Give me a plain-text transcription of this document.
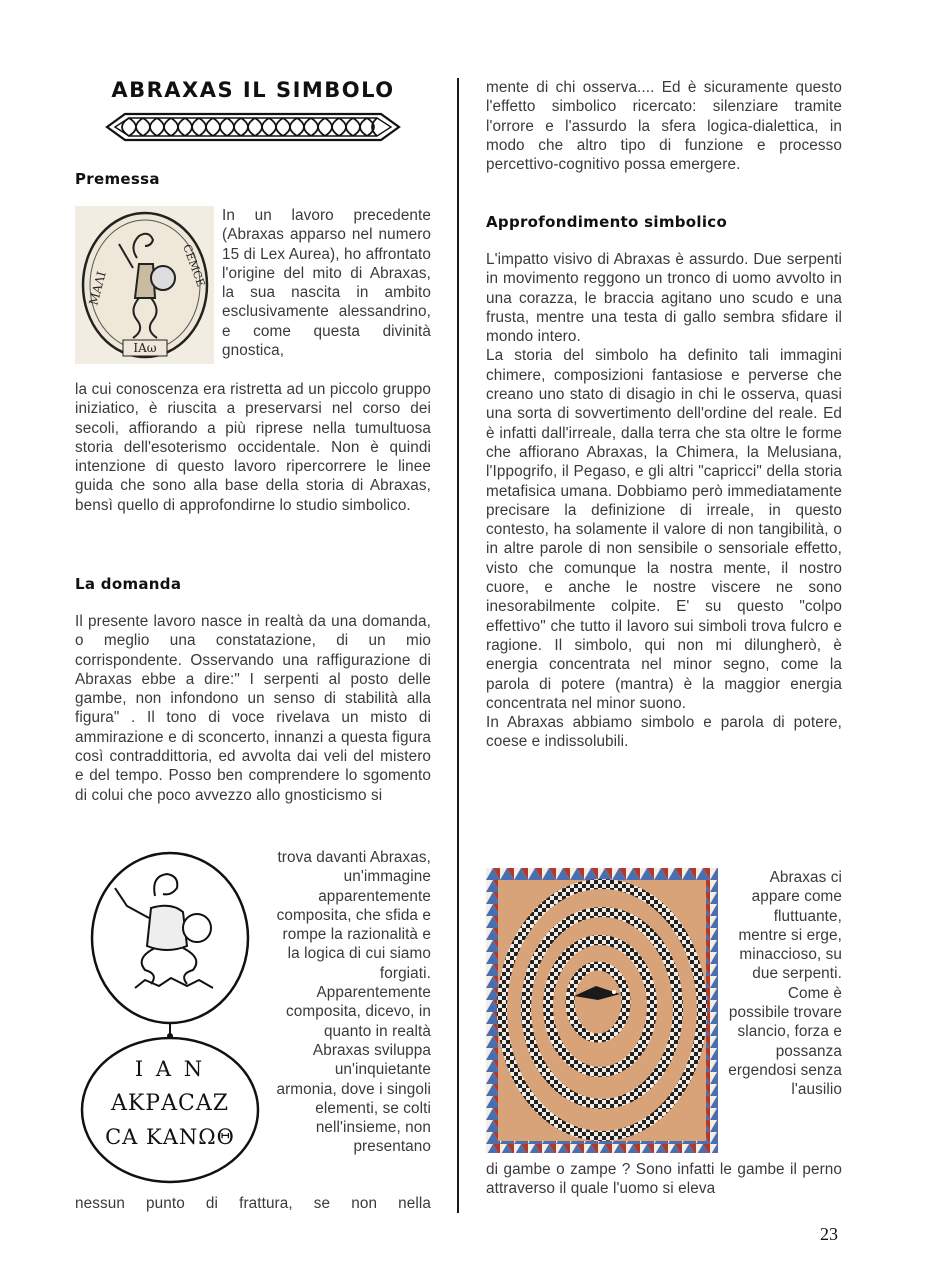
ABRAXAS IL SIMBOLO
Premessa
ΜΑΛΙ	CEMCE
ΙΑω

In un lavoro precedente (Abraxas apparso nel numero 15 di Lex Aurea), ho affrontato l'origine del mito di Abraxas, la sua nascita in ambito esclusivamente alessandrino, e come questa divinità gnostica,

la cui conoscenza era ristretta ad un piccolo gruppo iniziatico, è riuscita a preservarsi nel corso dei secoli, affiorando a più riprese nella tumultuosa storia dell'esoterismo occidentale. Non è quindi intenzione di questo lavoro ripercorrere le linee guida che sono alla base della storia di Abraxas, bensì quello di approfondirne lo studio simbolico.

La domanda

Il presente lavoro nasce in realtà da una domanda, o meglio una constatazione, di un mio corrispondente. Osservando una raffigurazione di Abraxas ebbe a dire:" I serpenti al posto delle gambe, non infondono un senso di stabilità alla figura" . Il tono di voce rivelava un misto di ammirazione e di sconcerto, innanzi a questa figura così contraddittoria, ed avvolta dai veli del mistero e del tempo. Posso ben comprendere lo sgomento di colui che poco avvezzo allo gnosticismo si

Ι Α Ν
ΑΚΡΑCΑΖ
CΑ ΚΑΝΩΘ

trova davanti Abraxas, un'immagine apparentemente composita, che sfida e rompe la razionalità e la logica di cui siamo forgiati.

Apparentemente composita, dicevo, in quanto in realtà Abraxas sviluppa un'inquietante armonia, dove i singoli elementi, se colti nell'insieme, non presentano

nessun punto di frattura, se non nella

mente di chi osserva.... Ed è sicuramente questo l'effetto simbolico ricercato: silenziare tramite l'orrore e l'assurdo la sfera logica-dialettica, in modo che altro tipo di funzione e processo percettivo-cognitivo possa emergere.

Approfondimento simbolico

L'impatto visivo di Abraxas è assurdo. Due serpenti in movimento reggono un tronco di uomo avvolto in una corazza, le braccia agitano uno scudo e una frusta, mentre una testa di gallo sembra sfidare il mondo intero.

La storia del simbolo ha definito tali immagini chimere, composizioni fantasiose e perverse che creano uno stato di disagio in chi le osserva, quasi una sorta di sovvertimento dell'ordine del reale. Ed è infatti dall'irreale, dalla terra che sta oltre le forme che affiorano Abraxas, la Chimera, la Melusiana, l'Ippogrifo, il Pegaso, e gli altri "capricci" della storia metafisica umana. Dobbiamo però immediatamente precisare la definizione di irreale, in questo contesto, ha solamente il valore di non tangibilità, o in altre parole di non sensibile o sensoriale effetto, visto che comunque la nostra mente, il nostro cuore, e anche le nostre viscere ne sono inesorabilmente colpite. E' su questo "colpo effettivo" che tutto il lavoro sui simboli trova fulcro e ragione. Il simbolo, qui non mi dilungherò, è energia concentrata nel minor segno, come la parola di potere (mantra) è la maggior energia concentrata nel minor suono.

In Abraxas abbiamo simbolo e parola di potere, coese e indissolubili.

Abraxas ci appare come fluttuante, mentre si erge, minaccioso, su due serpenti. Come è possibile trovare slancio, forza e possanza ergendosi senza l'ausilio

di gambe o zampe ? Sono infatti le gambe il perno attraverso il quale l'uomo si eleva

23
